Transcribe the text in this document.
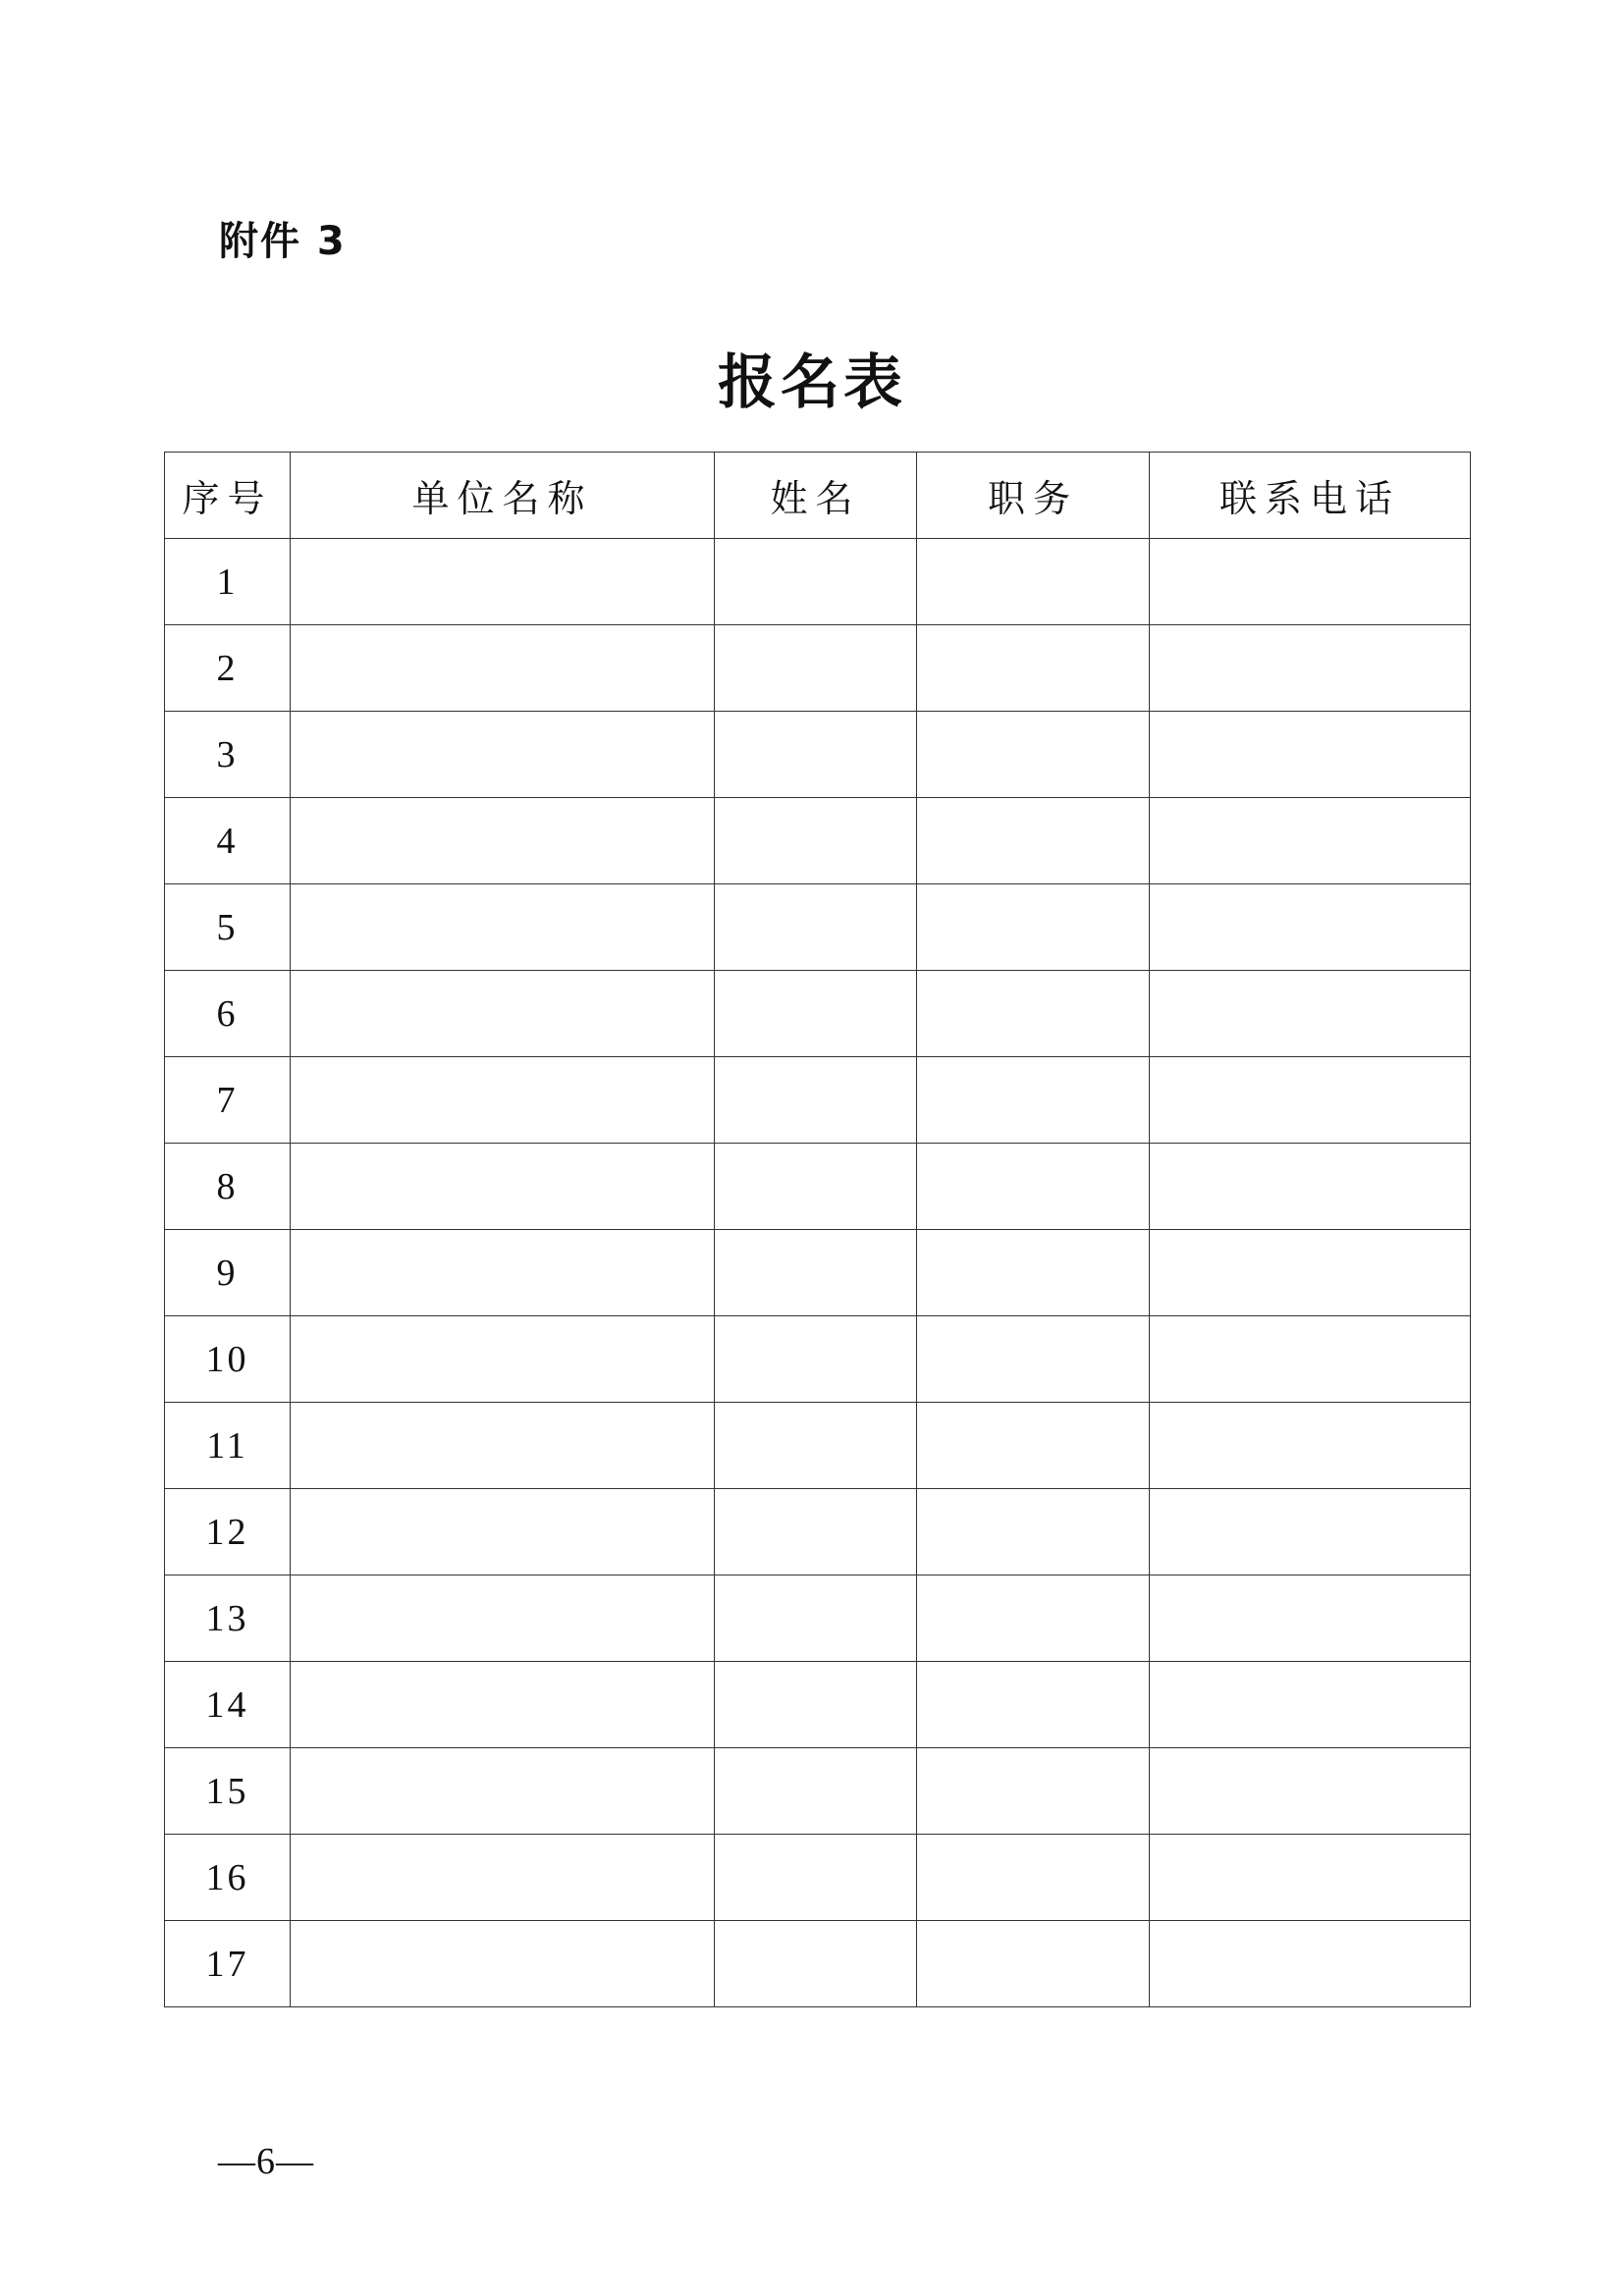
附件 3
报名表
序号	单位名称	姓名	职务	联系电话
1				
2				
3				
4				
5				
6				
7				
8				
9				
10				
11				
12				
13				
14				
15				
16				
17				
—6—
